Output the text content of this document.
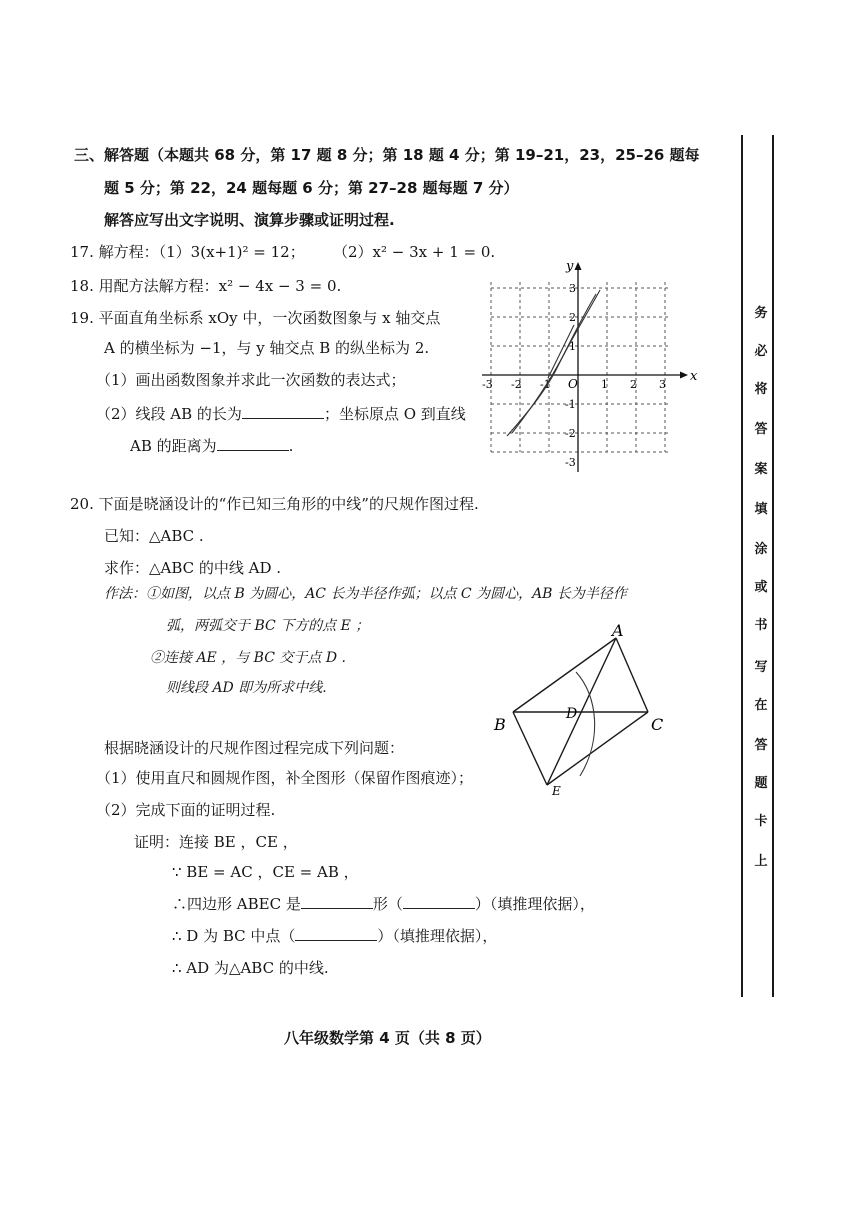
三、解答题（本题共 68 分，第 17 题 8 分；第 18 题 4 分；第 19–21，23，25–26 题每
题 5 分；第 22，24 题每题 6 分；第 27–28 题每题 7 分）
解答应写出文字说明、演算步骤或证明过程.
17. 解方程：（1）3(x+1)² = 12； （2）x² − 3x + 1 = 0.
18. 用配方法解方程：x² − 4x − 3 = 0.
19. 平面直角坐标系 xOy 中，一次函数图象与 x 轴交点
A 的横坐标为 −1，与 y 轴交点 B 的纵坐标为 2.
（1）画出函数图象并求此一次函数的表达式；
（2）线段 AB 的长为	；坐标原点 O 到直线
AB 的距离为	.
x
y
O
-3 -2 -1	1 2 3
3
2
1
-1
-2
-3
20. 下面是晓涵设计的“作已知三角形的中线”的尺规作图过程.
已知：△ABC .
求作：△ABC 的中线 AD .
作法：①如图，以点 B 为圆心，AC 长为半径作弧；以点 C 为圆心，AB 长为半径作
弧，两弧交于 BC 下方的点 E ；
②连接 AE ，与 BC 交于点 D .
则线段 AD 即为所求中线.
A
B	C
D
E
根据晓涵设计的尺规作图过程完成下列问题：
（1）使用直尺和圆规作图，补全图形（保留作图痕迹）；
（2）完成下面的证明过程.
证明：连接 BE ，CE ，
∵ BE = AC ，CE = AB ，
∴四边形 ABEC 是	形（	）（填推理依据），
∴ D 为 BC 中点（	）（填推理依据），
∴ AD 为△ABC 的中线.
八年级数学第 4 页（共 8 页）
务
必
将
答
案
填
涂
或
书
写
在
答
题
卡
上
